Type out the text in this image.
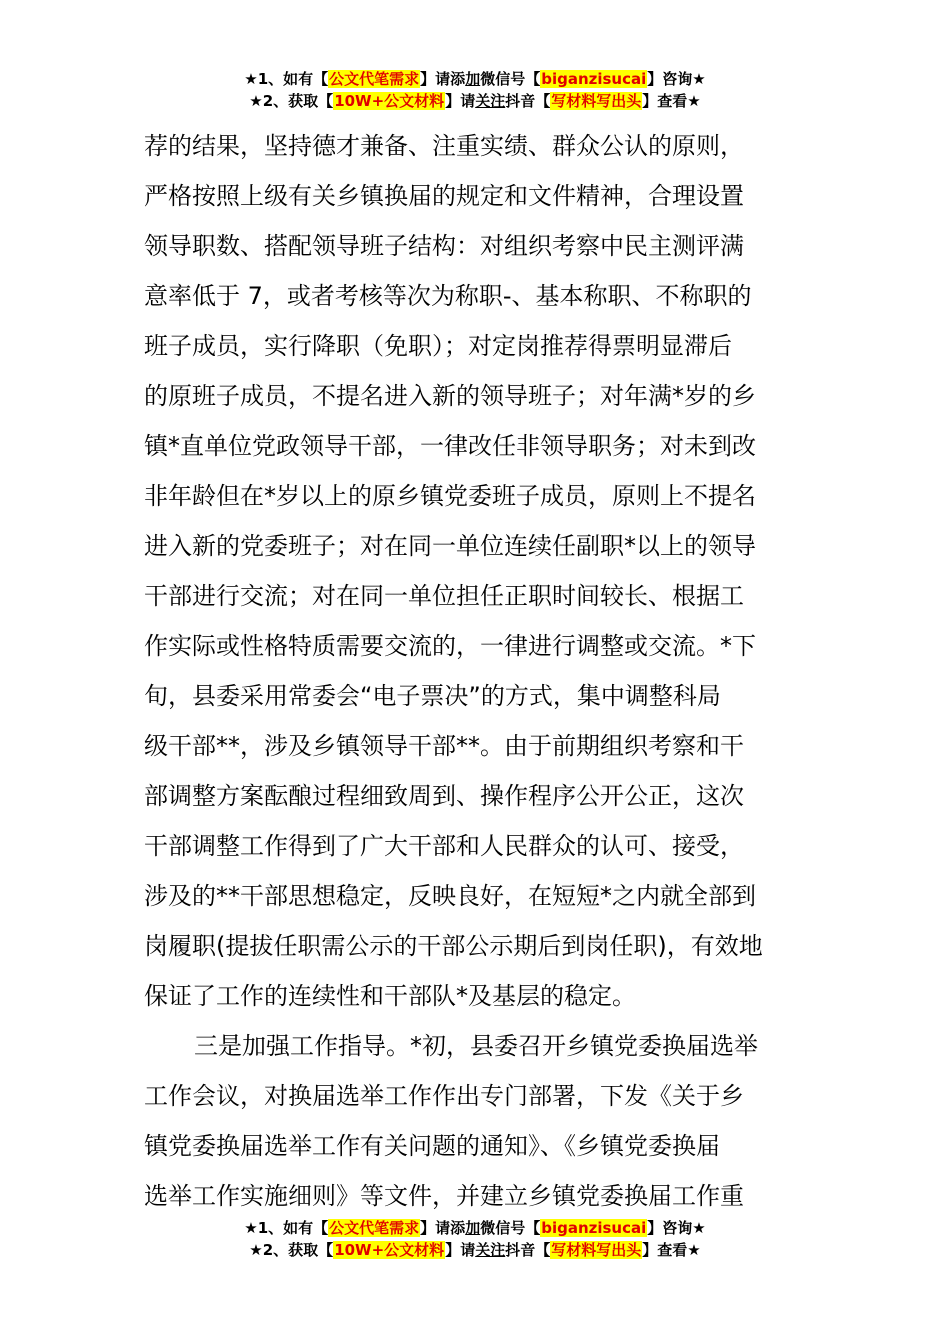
★1、如有【公文代笔需求】请添加微信号【biganzisucai】咨询★
★2、获取【10W+公文材料】请关注抖音【写材料写出头】查看★
荐的结果，坚持德才兼备、注重实绩、群众公认的原则，
严格按照上级有关乡镇换届的规定和文件精神，合理设置
领导职数、搭配领导班子结构：对组织考察中民主测评满
意率低于 7，或者考核等次为称职-、基本称职、不称职的
班子成员，实行降职（免职）；对定岗推荐得票明显滞后
的原班子成员，不提名进入新的领导班子；对年满*岁的乡
镇*直单位党政领导干部，一律改任非领导职务；对未到改
非年龄但在*岁以上的原乡镇党委班子成员，原则上不提名
进入新的党委班子；对在同一单位连续任副职*以上的领导
干部进行交流；对在同一单位担任正职时间较长、根据工
作实际或性格特质需要交流的，一律进行调整或交流。*下
旬，县委采用常委会“电子票决”的方式，集中调整科局
级干部**，涉及乡镇领导干部**。由于前期组织考察和干
部调整方案酝酿过程细致周到、操作程序公开公正，这次
干部调整工作得到了广大干部和人民群众的认可、接受，
涉及的**干部思想稳定，反映良好，在短短*之内就全部到
岗履职(提拔任职需公示的干部公示期后到岗任职)，有效地
保证了工作的连续性和干部队*及基层的稳定。
三是加强工作指导。*初，县委召开乡镇党委换届选举
工作会议，对换届选举工作作出专门部署，下发《关于乡
镇党委换届选举工作有关问题的通知》、《乡镇党委换届
选举工作实施细则》等文件，并建立乡镇党委换届工作重
★1、如有【公文代笔需求】请添加微信号【biganzisucai】咨询★
★2、获取【10W+公文材料】请关注抖音【写材料写出头】查看★
